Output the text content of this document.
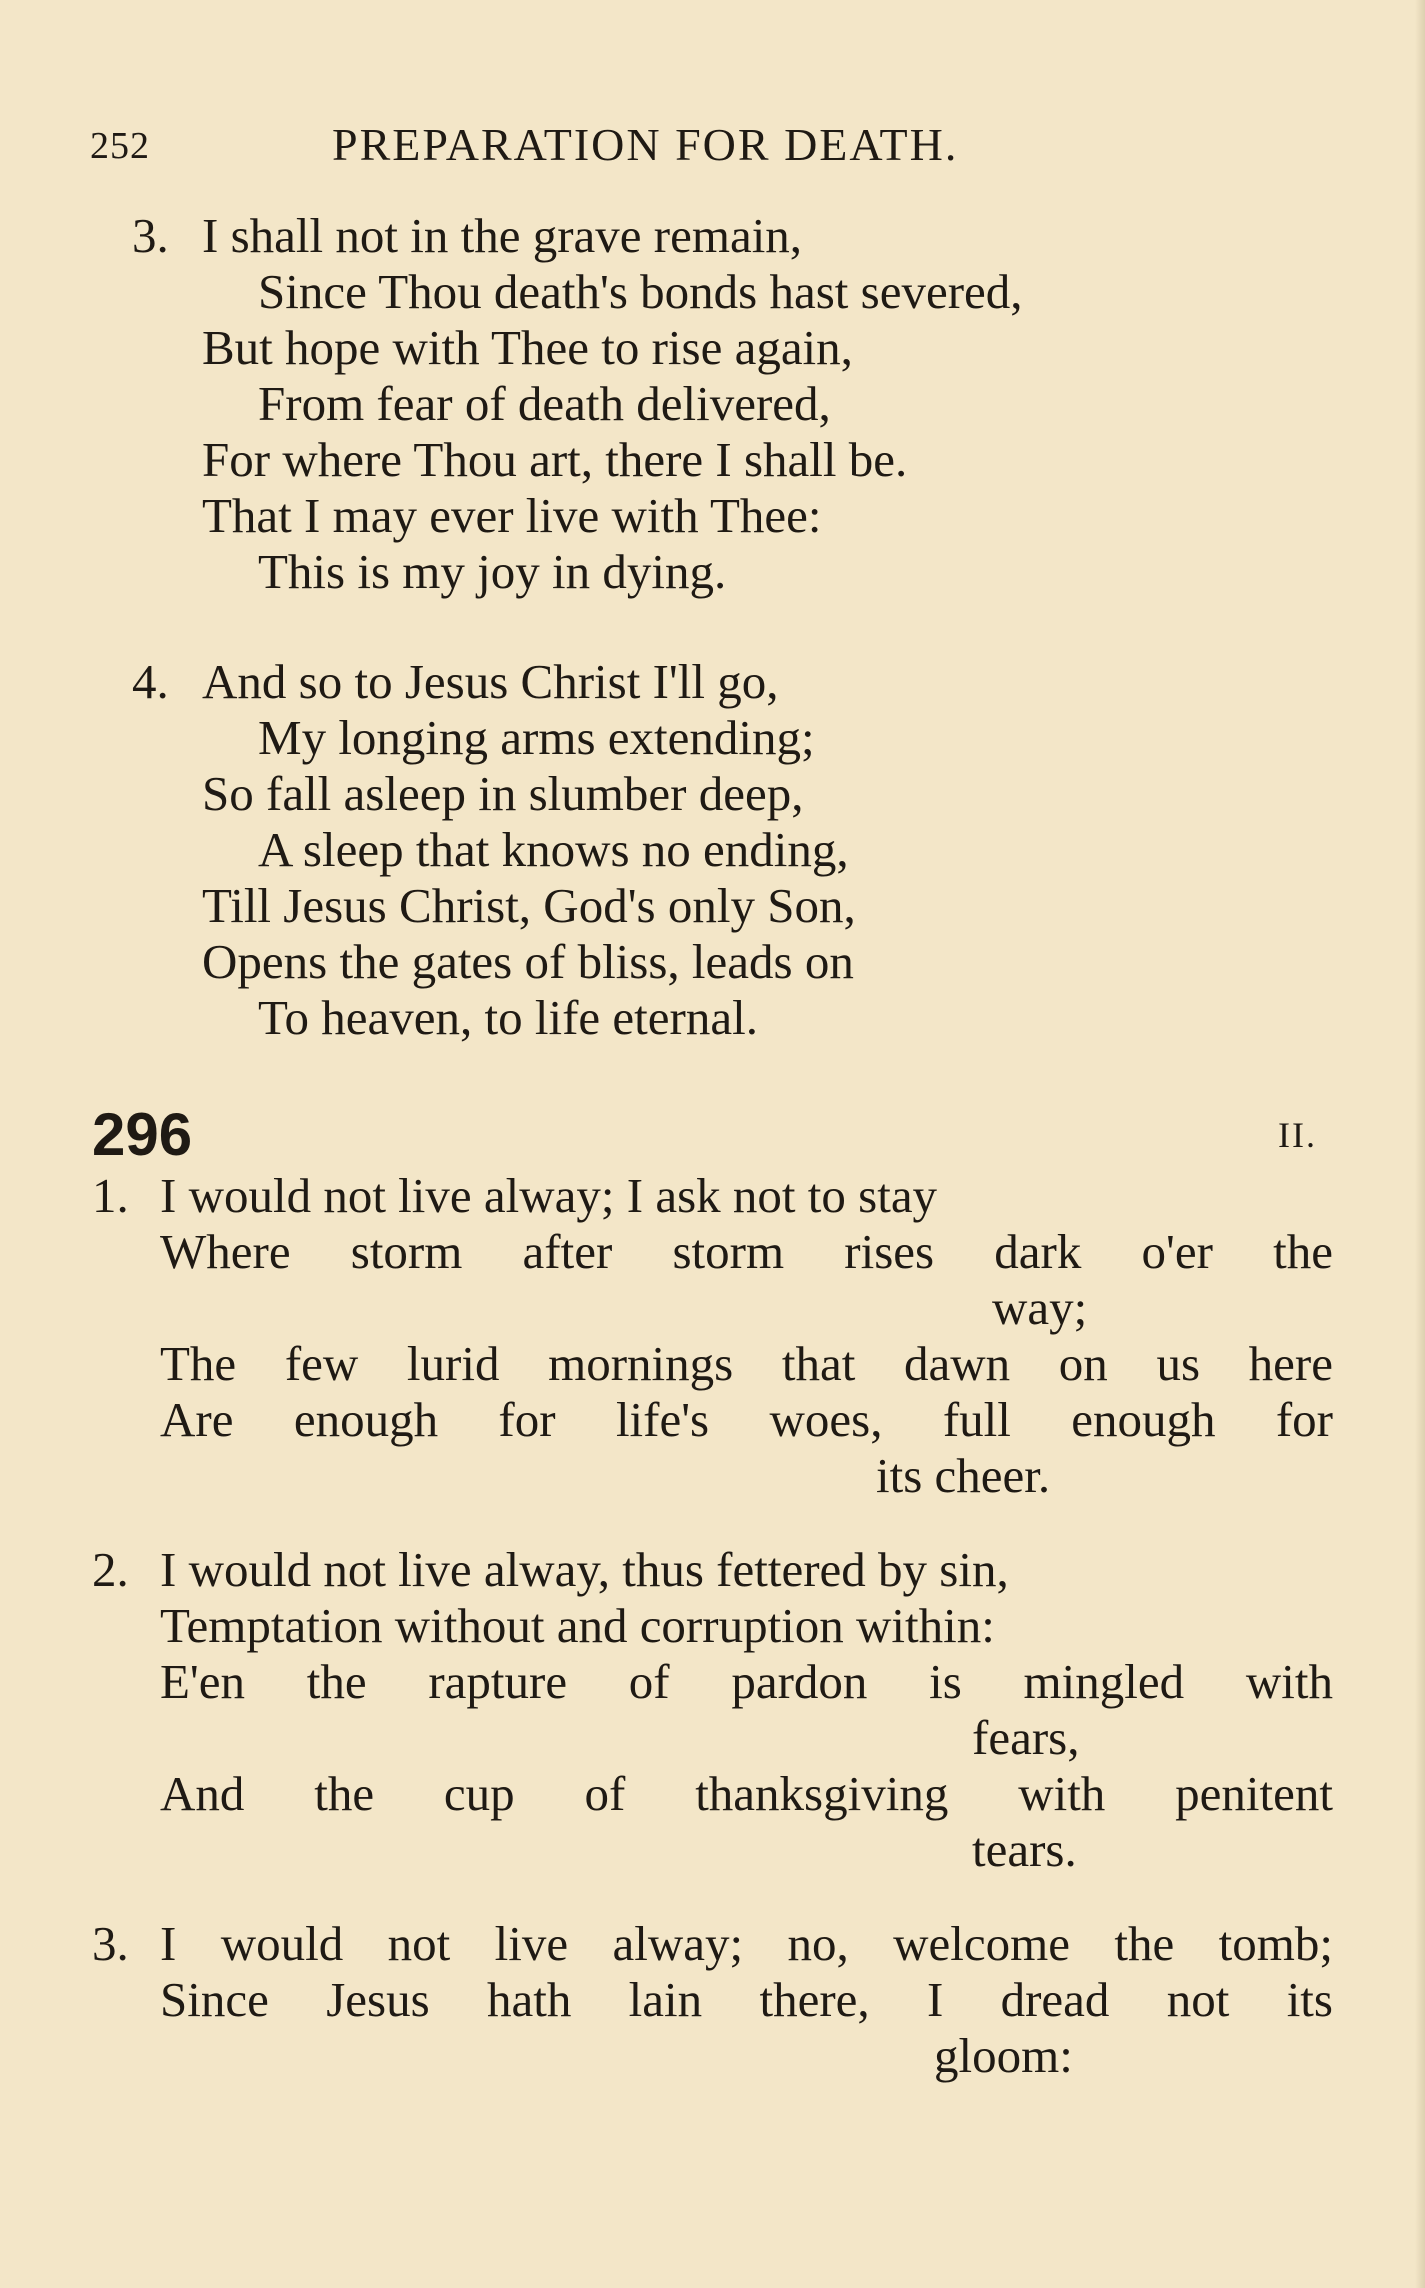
252	PREPARATION FOR DEATH.
3. I shall not in the grave remain,
Since Thou death's bonds hast severed,
But hope with Thee to rise again,
From fear of death delivered,
For where Thou art, there I shall be.
That I may ever live with Thee:
This is my joy in dying.
4. And so to Jesus Christ I'll go,
My longing arms extending;
So fall asleep in slumber deep,
A sleep that knows no ending,
Till Jesus Christ, God's only Son,
Opens the gates of bliss, leads on
To heaven, to life eternal.
296	II.
1. I would not live alway; I ask not to stay
Where storm after storm rises dark o'er the
way;
The few lurid mornings that dawn on us here
Are enough for life's woes, full enough for
its cheer.
2. I would not live alway, thus fettered by sin,
Temptation without and corruption within:
E'en the rapture of pardon is mingled with
fears,
And the cup of thanksgiving with penitent
tears.
3. I would not live alway; no, welcome the tomb;
Since Jesus hath lain there, I dread not its
gloom:
